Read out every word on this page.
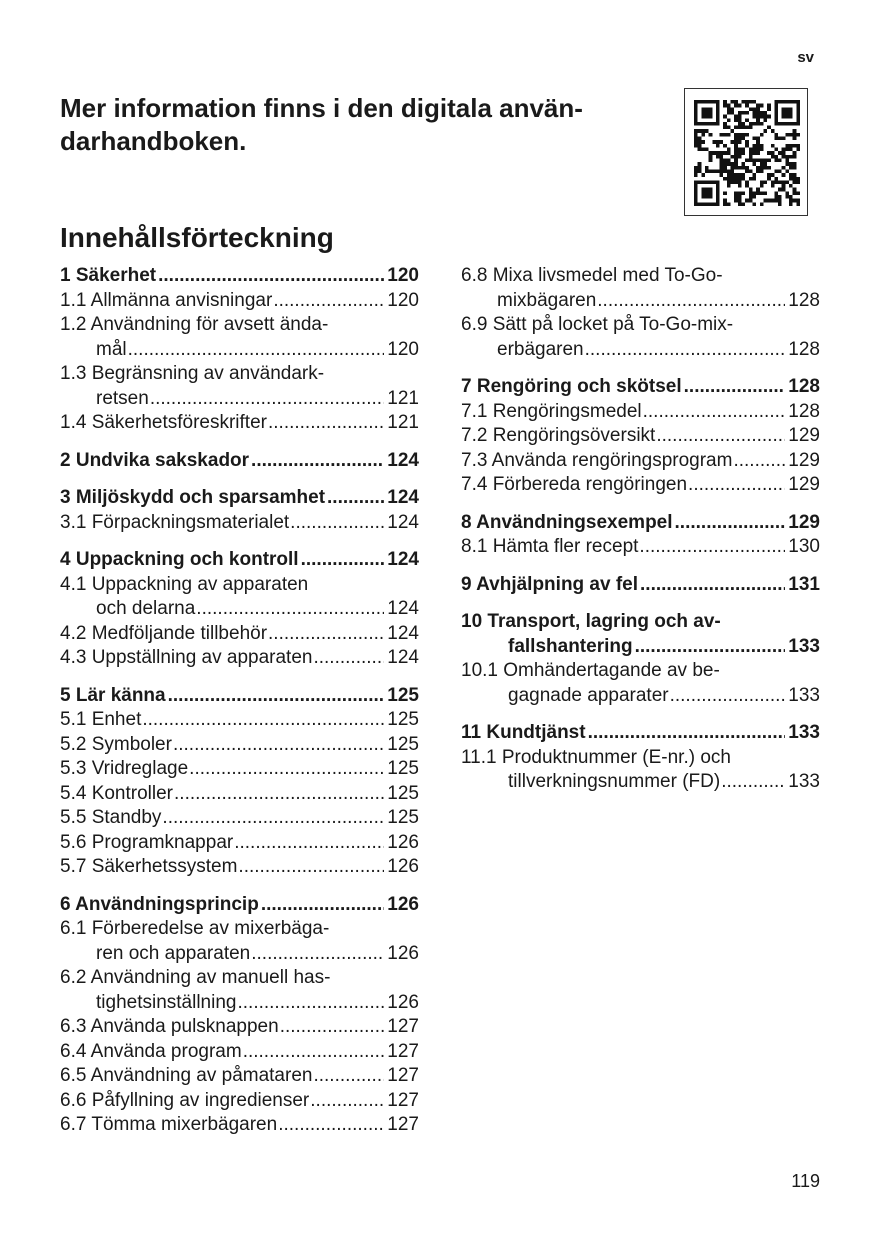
sv
Mer information finns i den digitala använ-
darhandboken.
Innehållsförteckning
1 Säkerhet .....	120
1.1 Allmänna anvisningar .....	120
1.2 Användning för avsett ända-
mål .....	120
1.3 Begränsning av användark-
retsen .....	121
1.4 Säkerhetsföreskrifter .....	121
2 Undvika sakskador .....	124
3 Miljöskydd och sparsamhet .....	124
3.1 Förpackningsmaterialet .....	124
4 Uppackning och kontroll .....	124
4.1 Uppackning av apparaten
och delarna .....	124
4.2 Medföljande tillbehör .....	124
4.3 Uppställning av apparaten .....	124
5 Lär känna .....	125
5.1 Enhet .....	125
5.2 Symboler .....	125
5.3 Vridreglage .....	125
5.4 Kontroller .....	125
5.5 Standby .....	125
5.6 Programknappar .....	126
5.7 Säkerhetssystem .....	126
6 Användningsprincip .....	126
6.1 Förberedelse av mixerbäga-
ren och apparaten .....	126
6.2 Användning av manuell has-
tighetsinställning .....	126
6.3 Använda pulsknappen .....	127
6.4 Använda program .....	127
6.5 Användning av påmataren .....	127
6.6 Påfyllning av ingredienser .....	127
6.7 Tömma mixerbägaren .....	127
6.8 Mixa livsmedel med To-Go-
mixbägaren .....	128
6.9 Sätt på locket på To-Go-mix-
erbägaren .....	128
7 Rengöring och skötsel .....	128
7.1 Rengöringsmedel .....	128
7.2 Rengöringsöversikt .....	129
7.3 Använda rengöringsprogram .....	129
7.4 Förbereda rengöringen .....	129
8 Användningsexempel .....	129
8.1 Hämta fler recept .....	130
9 Avhjälpning av fel .....	131
10 Transport, lagring och av-
fallshantering .....	133
10.1 Omhändertagande av be-
gagnade apparater .....	133
11 Kundtjänst .....	133
11.1 Produktnummer (E-nr.) och
tillverkningsnummer (FD) .....	133
119
